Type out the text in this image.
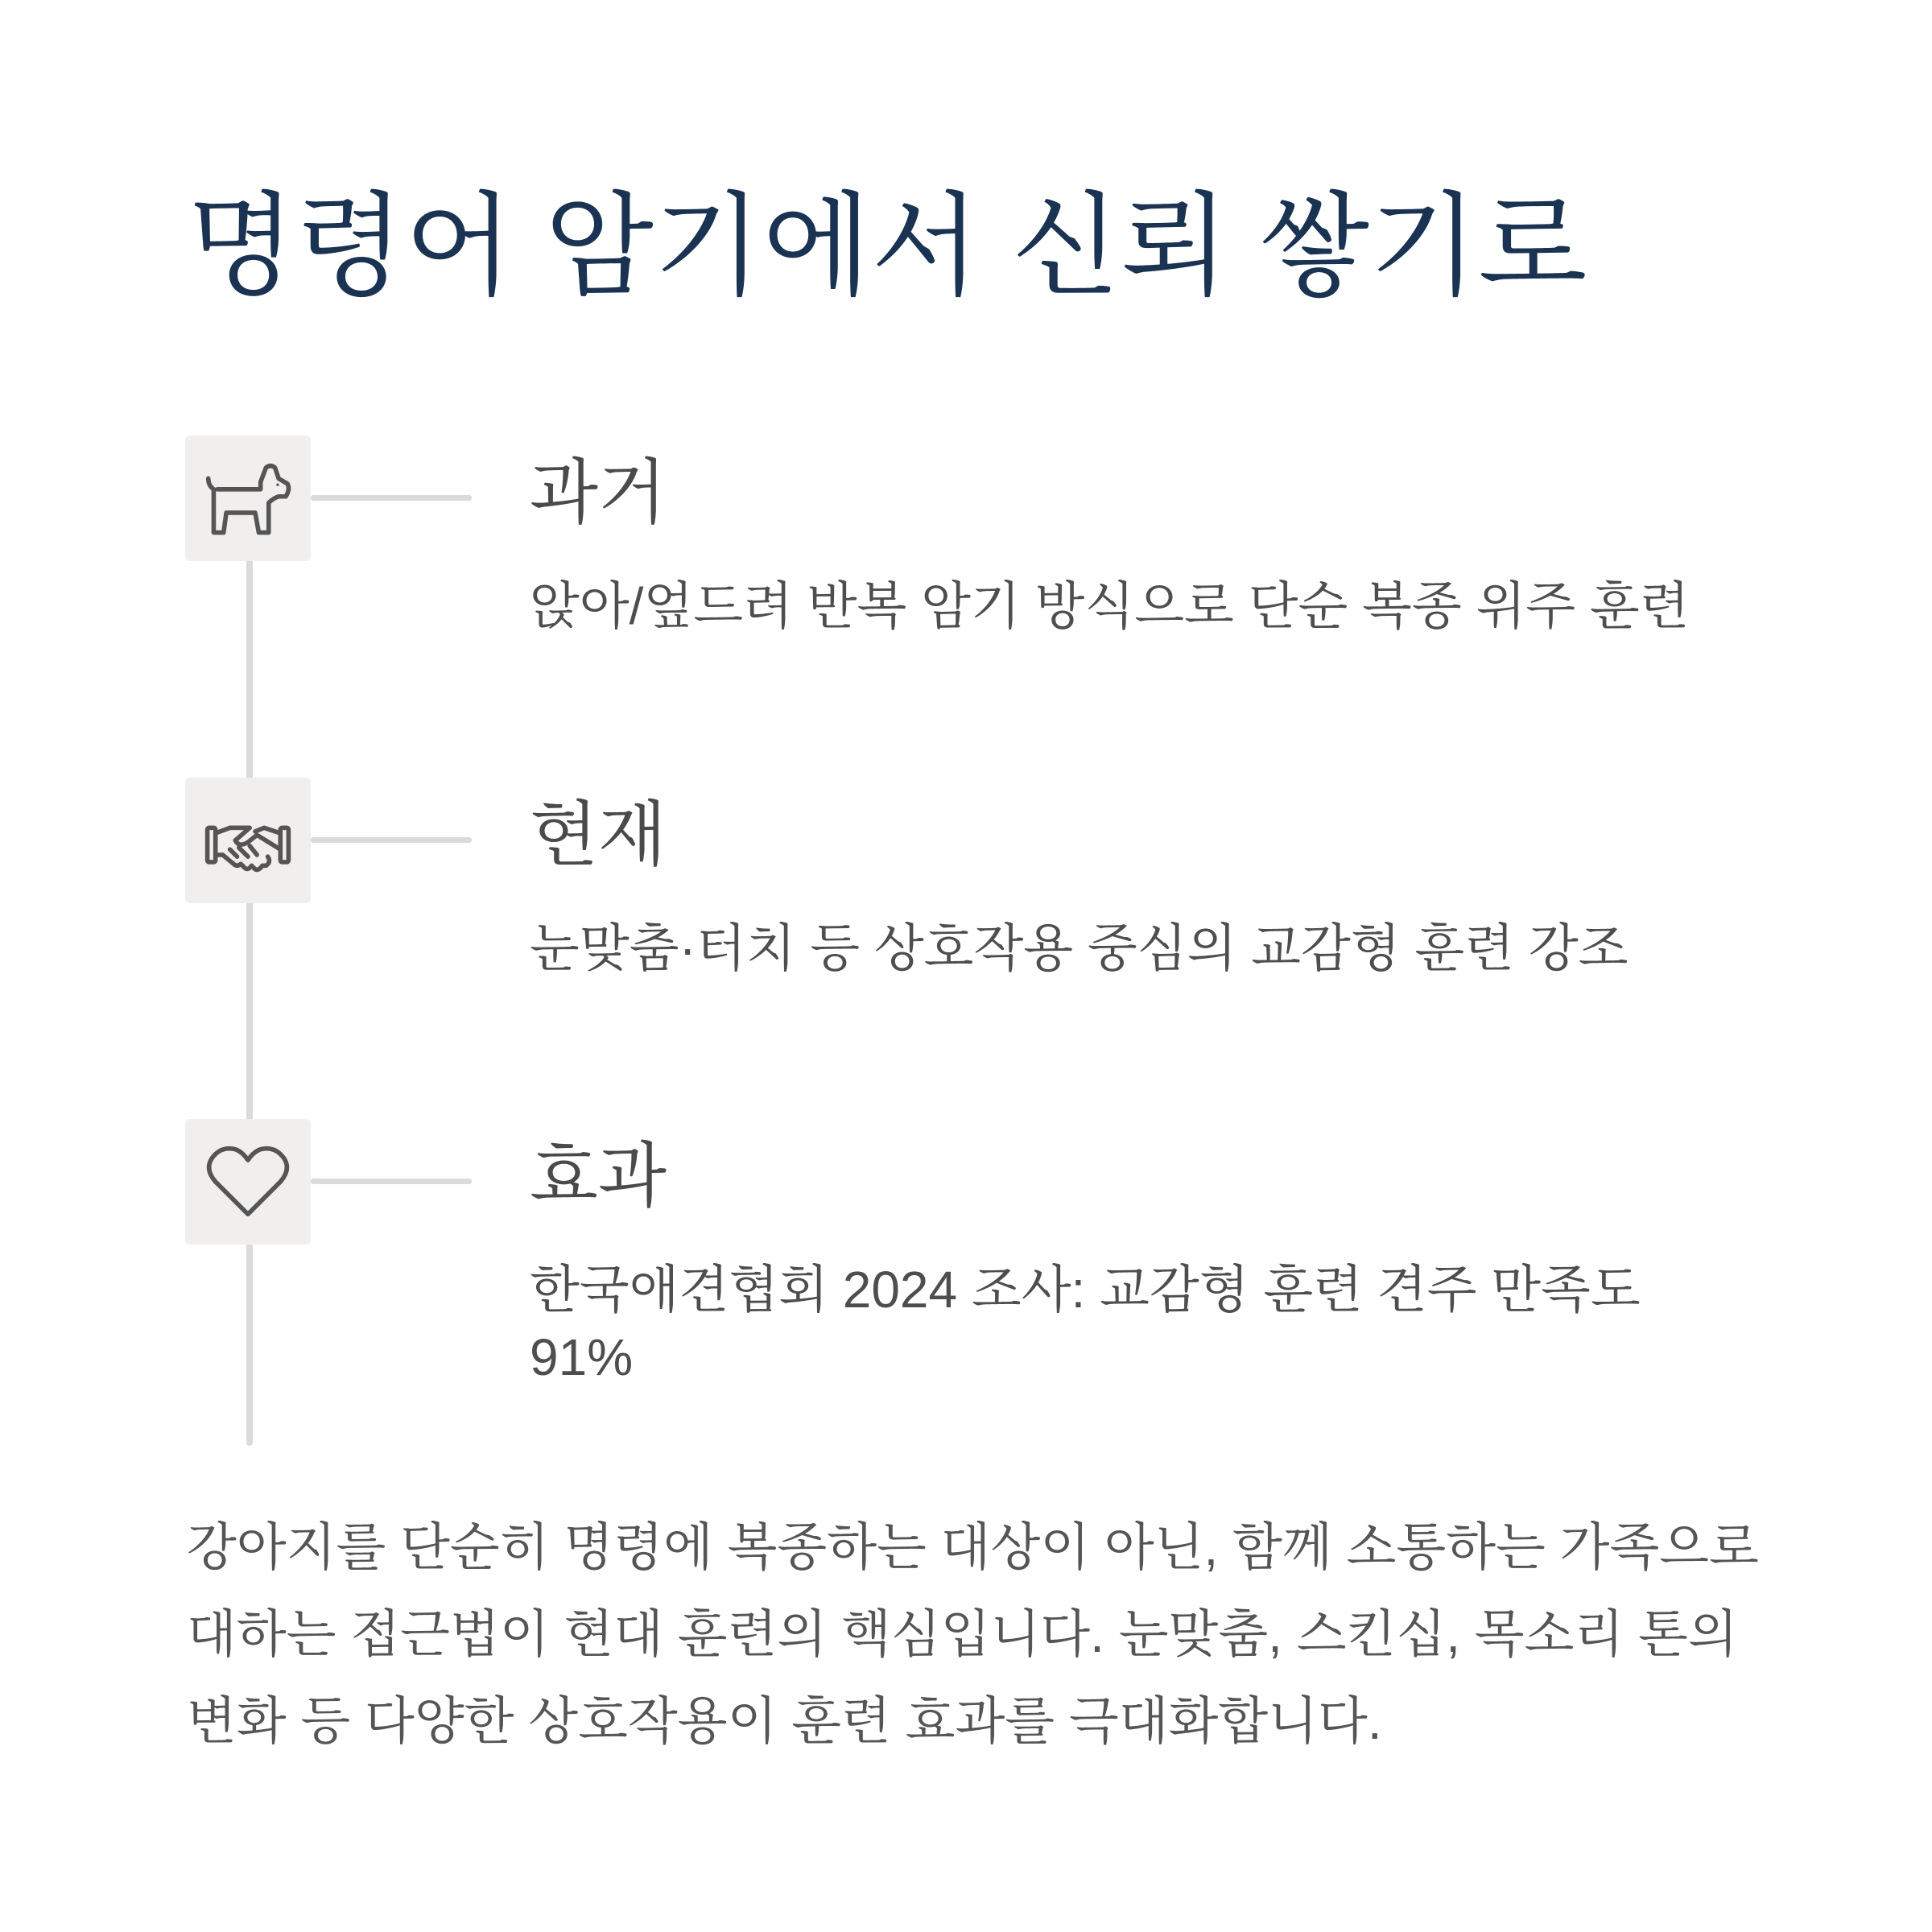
명령어 암기에서 신뢰 쌓기로
과거

앉아/엎드려 반복 암기 방식으로 단순 복종 위주 훈련

현재

눈맞춤·터치 등 상호작용 중심의 교감형 훈련 강조

효과

한국애견협회 2024 조사: 교감형 훈련 견주 만족도 91%

강아지를 단순히 명령에 복종하는 대상이 아닌, 함께 소통하는 가족으로 대하는 접근법이 현대 훈련의 핵심입니다. 눈맞춤, 스킨십, 목소리 톤의 변화 등 다양한 상호작용이 훈련 효과를 극대화합니다.
